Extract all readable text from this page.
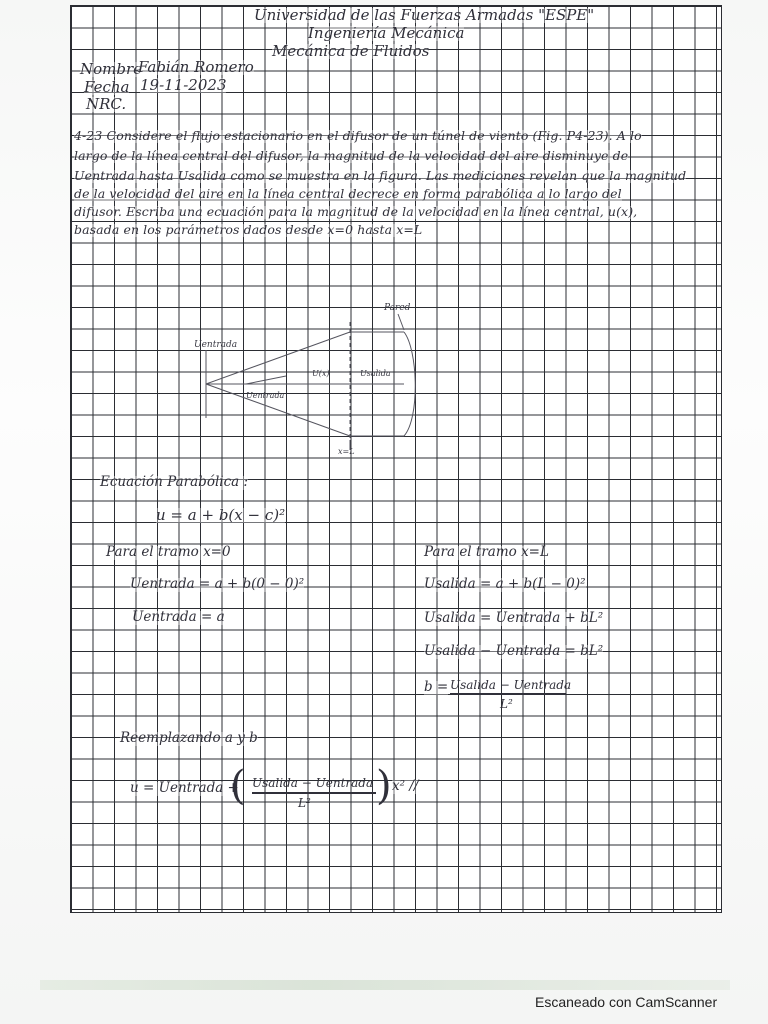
Universidad de las Fuerzas Armadas "ESPE"
Ingeniería Mecánica
Mecánica de Fluidos
Nombre
Fabián Romero
Fecha 19-11-2023
NRC.
4-23 Considere el flujo estacionario en el difusor de un túnel de viento (Fig. P4-23). A lo
largo de la línea central del difusor, la magnitud de la velocidad del aire disminuye de
Uentrada hasta Usalida como se muestra en la figura. Las mediciones revelan que la magnitud
de la velocidad del aire en la línea central decrece en forma parabólica a lo largo del
difusor. Escriba una ecuación para la magnitud de la velocidad en la línea central, u(x),
basada en los parámetros dados desde x=0 hasta x=L
Uentrada
Uentrada
U(x)	Usalida
Pared
x=L
Ecuación Parabólica :
u = a + b(x − c)²
Para el tramo x=0
Uentrada = a + b(0 − 0)²
Uentrada = a
Para el tramo x=L
Usalida = a + b(L − 0)²
Usalida = Uentrada + bL²
Usalida − Uentrada = bL²
b = Usalida − Uentrada
L²
Reemplazando a y b
u = Uentrada +
( Usalida − Uentrada
L² ) x² //
Escaneado con CamScanner
